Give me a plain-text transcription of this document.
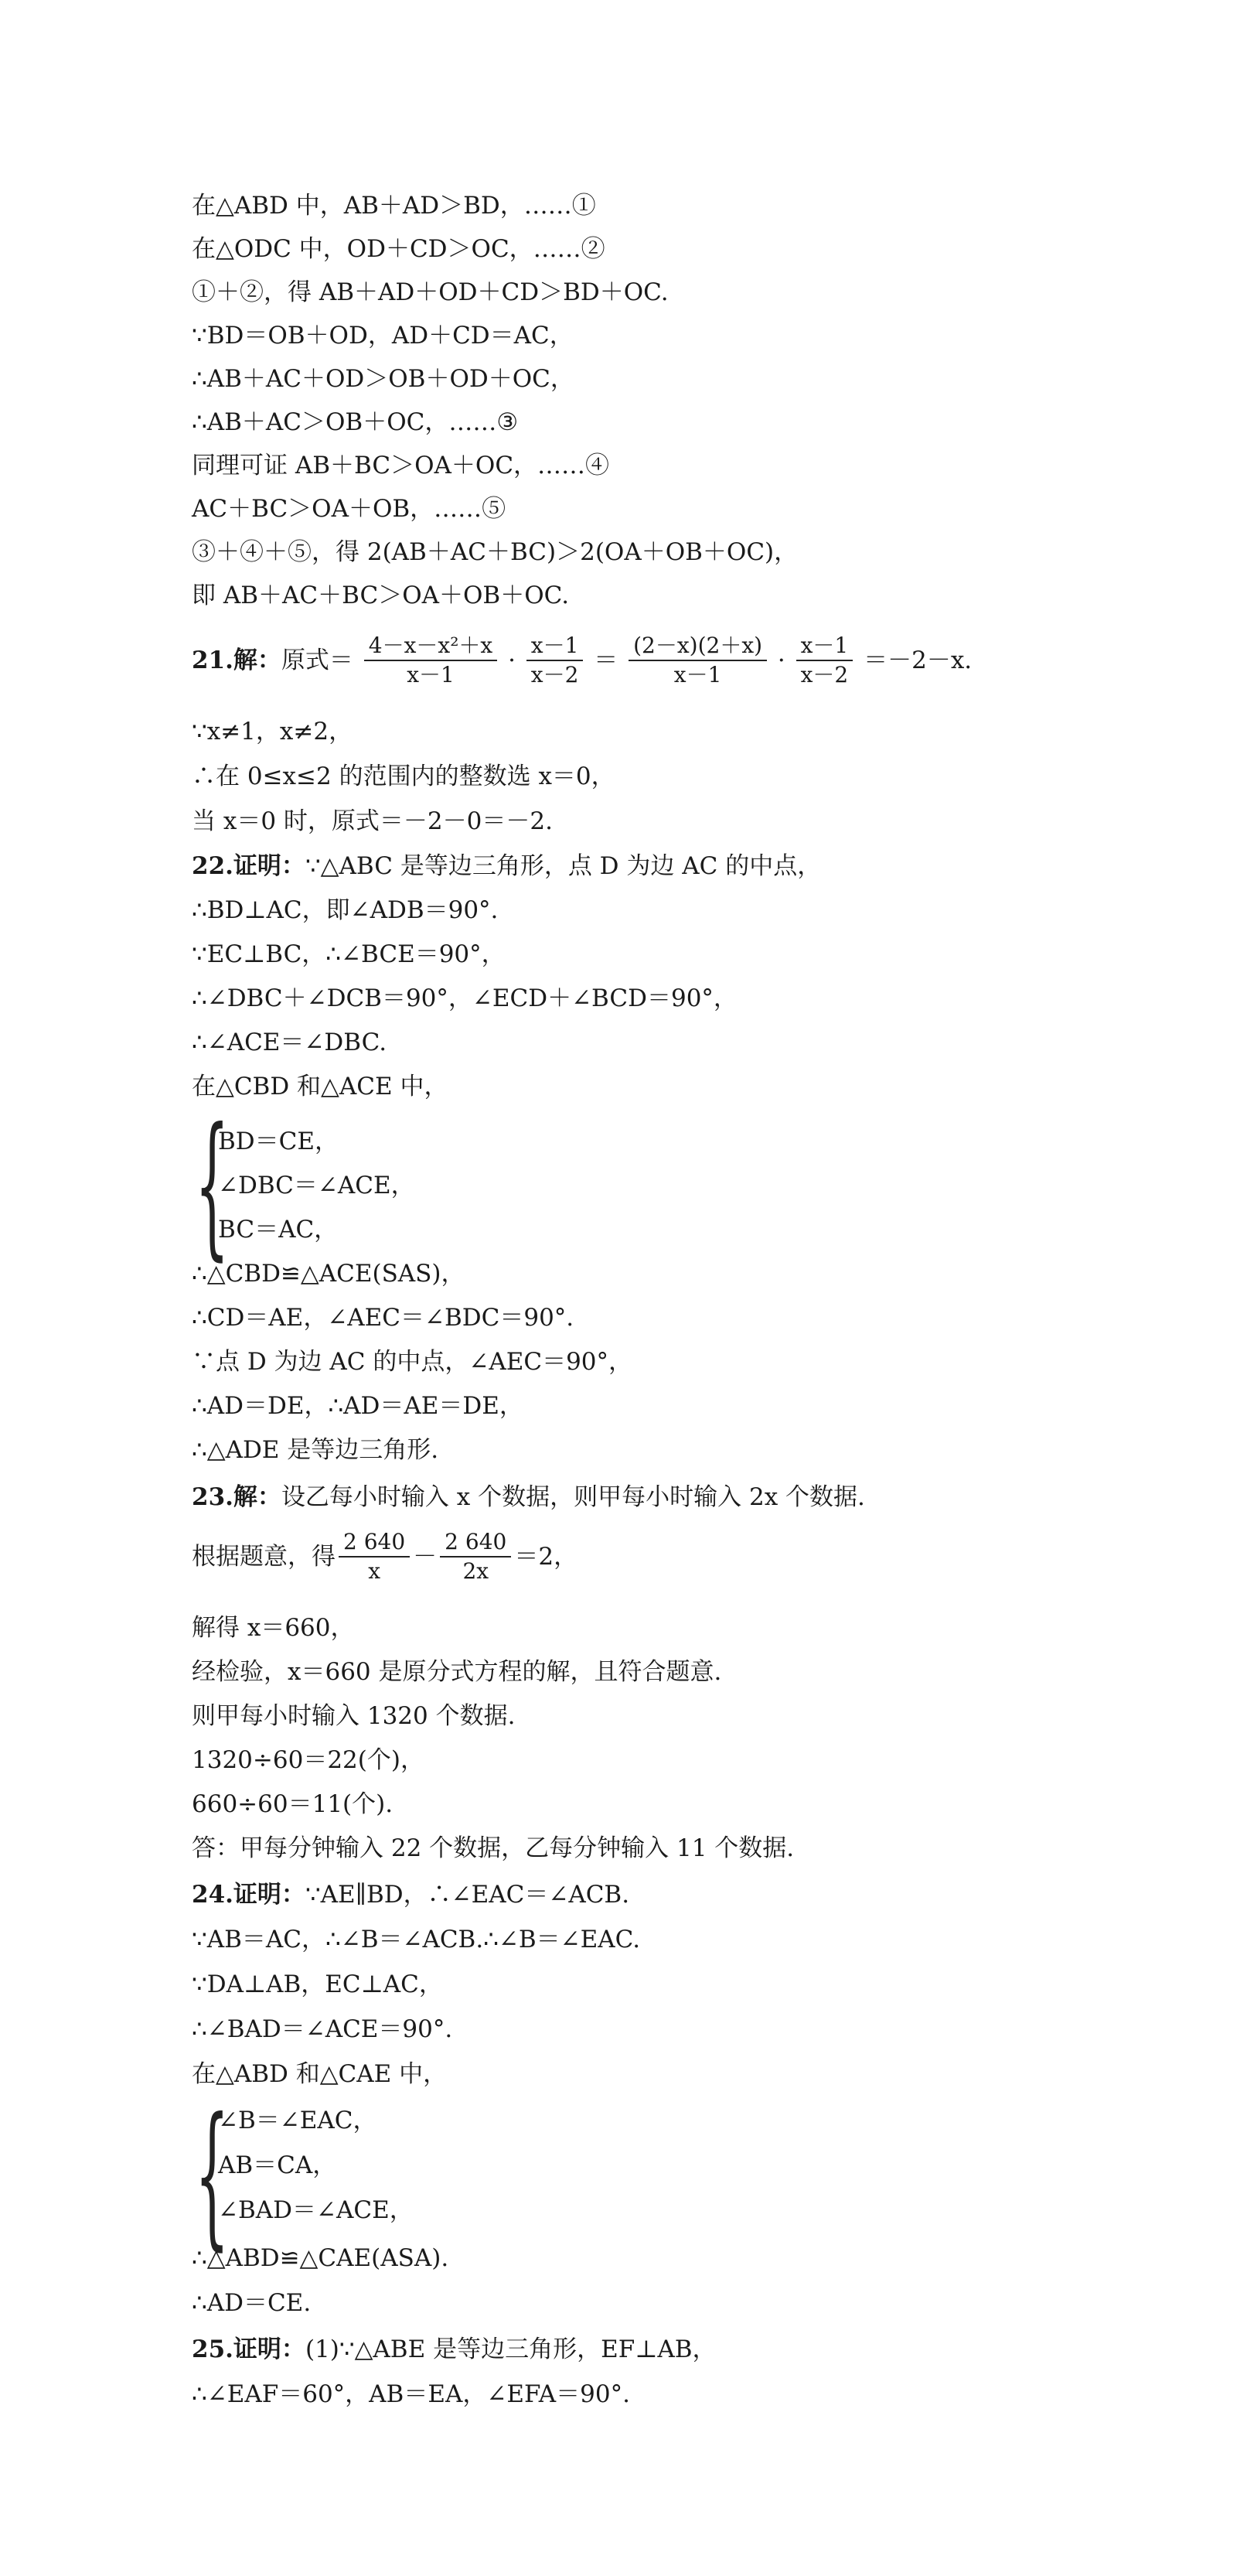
在△ABD 中，AB＋AD＞BD，……①
在△ODC 中，OD＋CD＞OC，……②
①＋②，得 AB＋AD＋OD＋CD＞BD＋OC.
∵BD＝OB＋OD，AD＋CD＝AC，
∴AB＋AC＋OD＞OB＋OD＋OC，
∴AB＋AC＞OB＋OC，……③
同理可证 AB＋BC＞OA＋OC，……④
AC＋BC＞OA＋OB，……⑤
③＋④＋⑤，得 2(AB＋AC＋BC)＞2(OA＋OB＋OC)，
即 AB＋AC＋BC＞OA＋OB＋OC.
21.解：原式＝ $\frac{\text{4－x－x²＋x}}{x-1} \cdot \frac{x-1}{x-2} = \frac{(2-x)(2+x)}{x-1} \cdot \frac{x-1}{x-2} =-2-x$.
∵x≠1，x≠2，
∴在 0≤x≤2 的范围内的整数选 x＝0，
当 x＝0 时，原式＝－2－0＝－2.
22.证明：∵△ABC 是等边三角形，点 D 为边 AC 的中点，
∴BD⊥AC，即∠ADB＝90°.
∵EC⊥BC，∴∠BCE＝90°，
∴∠DBC＋∠DCB＝90°，∠ECD＋∠BCD＝90°，
∴∠ACE＝∠DBC.
在△CBD 和△ACE 中，
{
BD＝CE，
∠DBC＝∠ACE，
BC＝AC，
∴△CBD≌△ACE(SAS)，
∴CD＝AE，∠AEC＝∠BDC＝90°.
∵点 D 为边 AC 的中点，∠AEC＝90°，
∴AD＝DE，∴AD＝AE＝DE，
∴△ADE 是等边三角形.
23.解：设乙每小时输入 x 个数据，则甲每小时输入 2x 个数据.
根据题意，得 $\frac{2 640}{x} - \frac{2 640}{2x} =2$，
解得 x＝660，
经检验，x＝660 是原分式方程的解，且符合题意.
则甲每小时输入 1320 个数据.
1320÷60＝22(个)，
660÷60＝11(个).
答：甲每分钟输入 22 个数据，乙每分钟输入 11 个数据.
24.证明：∵AE∥BD，∴∠EAC＝∠ACB.
∵AB＝AC，∴∠B＝∠ACB.∴∠B＝∠EAC.
∵DA⊥AB，EC⊥AC，
∴∠BAD＝∠ACE＝90°.
在△ABD 和△CAE 中，
{
∠B＝∠EAC，
AB＝CA，
∠BAD＝∠ACE，
∴△ABD≌△CAE(ASA).
∴AD＝CE.
25.证明：(1)∵△ABE 是等边三角形，EF⊥AB，
∴∠EAF＝60°，AB＝EA，∠EFA＝90°.
